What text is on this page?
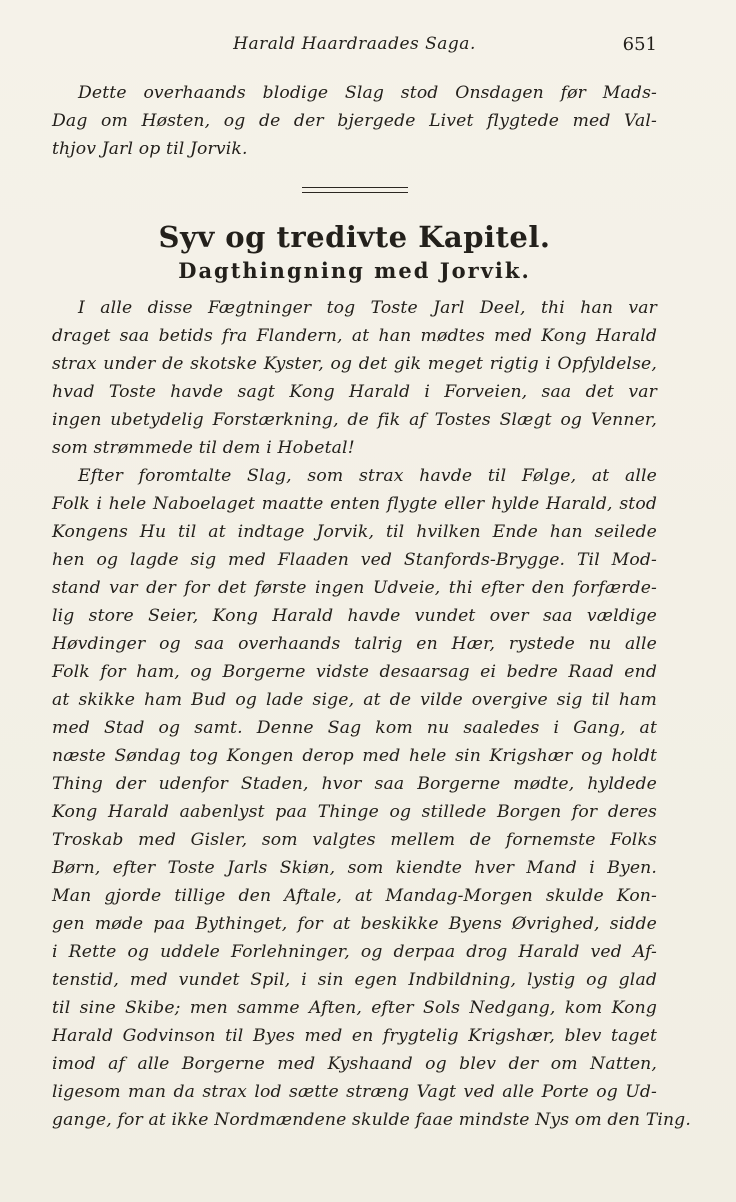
Harald Haardraades Saga.	651
Dette overhaands blodige Slag stod Onsdagen før Mads-
Dag om Høsten, og de der bjergede Livet flygtede med Val-
thjov Jarl op til Jorvik.
Syv og tredivte Kapitel.
Dagthingning med Jorvik.
I alle disse Fægtninger tog Toste Jarl Deel, thi han var
draget saa betids fra Flandern, at han mødtes med Kong Harald
strax under de skotske Kyster, og det gik meget rigtig i Opfyldelse,
hvad Toste havde sagt Kong Harald i Forveien, saa det var
ingen ubetydelig Forstærkning, de fik af Tostes Slægt og Venner,
som strømmede til dem i Hobetal!
Efter foromtalte Slag, som strax havde til Følge, at alle
Folk i hele Naboelaget maatte enten flygte eller hylde Harald, stod
Kongens Hu til at indtage Jorvik, til hvilken Ende han seilede
hen og lagde sig med Flaaden ved Stanfords-Brygge. Til Mod-
stand var der for det første ingen Udveie, thi efter den forfærde-
lig store Seier, Kong Harald havde vundet over saa vældige
Høvdinger og saa overhaands talrig en Hær, rystede nu alle
Folk for ham, og Borgerne vidste desaarsag ei bedre Raad end
at skikke ham Bud og lade sige, at de vilde overgive sig til ham
med Stad og samt. Denne Sag kom nu saaledes i Gang, at
næste Søndag tog Kongen derop med hele sin Krigshær og holdt
Thing der udenfor Staden, hvor saa Borgerne mødte, hyldede
Kong Harald aabenlyst paa Thinge og stillede Borgen for deres
Troskab med Gisler, som valgtes mellem de fornemste Folks
Børn, efter Toste Jarls Skiøn, som kiendte hver Mand i Byen.
Man gjorde tillige den Aftale, at Mandag-Morgen skulde Kon-
gen møde paa Bythinget, for at beskikke Byens Øvrighed, sidde
i Rette og uddele Forlehninger, og derpaa drog Harald ved Af-
tenstid, med vundet Spil, i sin egen Indbildning, lystig og glad
til sine Skibe; men samme Aften, efter Sols Nedgang, kom Kong
Harald Godvinson til Byes med en frygtelig Krigshær, blev taget
imod af alle Borgerne med Kyshaand og blev der om Natten,
ligesom man da strax lod sætte stræng Vagt ved alle Porte og Ud-
gange, for at ikke Nordmændene skulde faae mindste Nys om den Ting.
